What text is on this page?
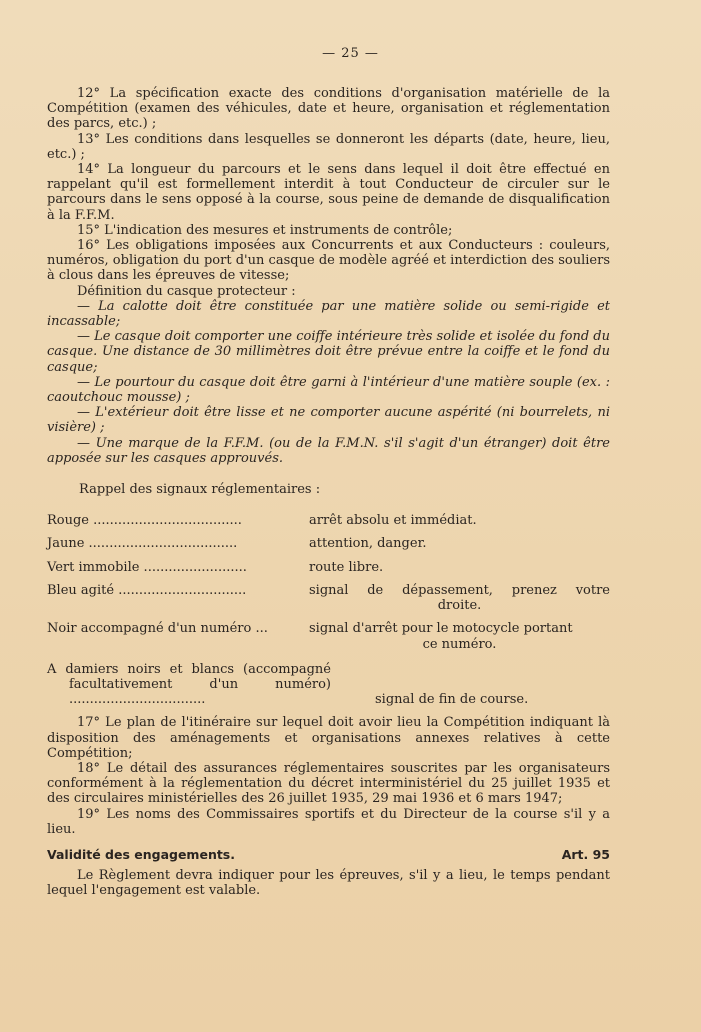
— 25 —

12° La spécification exacte des conditions d'organisation matérielle de la Compétition (examen des véhicules, date et heure, organisation et réglementation des parcs, etc.) ;

13° Les conditions dans lesquelles se donneront les départs (date, heure, lieu, etc.) ;

14° La longueur du parcours et le sens dans lequel il doit être effectué en rappelant qu'il est formellement interdit à tout Conducteur de circuler sur le parcours dans le sens opposé à la course, sous peine de demande de disqualification à la F.F.M.

15° L'indication des mesures et instruments de contrôle;

16° Les obligations imposées aux Concurrents et aux Conducteurs : couleurs, numéros, obligation du port d'un casque de modèle agréé et interdiction des souliers à clous dans les épreuves de vitesse;

Définition du casque protecteur :

— La calotte doit être constituée par une matière solide ou semi-rigide et incassable;

— Le casque doit comporter une coiffe intérieure très solide et isolée du fond du casque. Une distance de 30 millimètres doit être prévue entre la coiffe et le fond du casque;

— Le pourtour du casque doit être garni à l'intérieur d'une matière souple (ex. : caoutchouc mousse) ;

— L'extérieur doit être lisse et ne comporter aucune aspérité (ni bourrelets, ni visière) ;

— Une marque de la F.F.M. (ou de la F.M.N. s'il s'agit d'un étranger) doit être apposée sur les casques approuvés.

Rappel des signaux réglementaires :

Rouge ....................................	arrêt absolu et immédiat.
Jaune ....................................	attention, danger.
Vert immobile .........................	route libre.
Bleu agité ...............................	signal de dépassement, prenez votre
droite.
Noir accompagné d'un numéro ...	signal d'arrêt pour le motocycle portant
ce numéro.
A damiers noirs et blancs (accompagné facultativement d'un numéro) .................................	signal de fin de course.

17° Le plan de l'itinéraire sur lequel doit avoir lieu la Compétition indiquant là disposition des aménagements et organisations annexes relatives à cette Compétition;

18° Le détail des assurances réglementaires souscrites par les organisateurs conformément à la réglementation du décret interministériel du 25 juillet 1935 et des circulaires ministérielles des 26 juillet 1935, 29 mai 1936 et 6 mars 1947;

19° Les noms des Commissaires sportifs et du Directeur de la course s'il y a lieu.

Validité des engagements.	Art. 95

Le Règlement devra indiquer pour les épreuves, s'il y a lieu, le temps pendant lequel l'engagement est valable.
